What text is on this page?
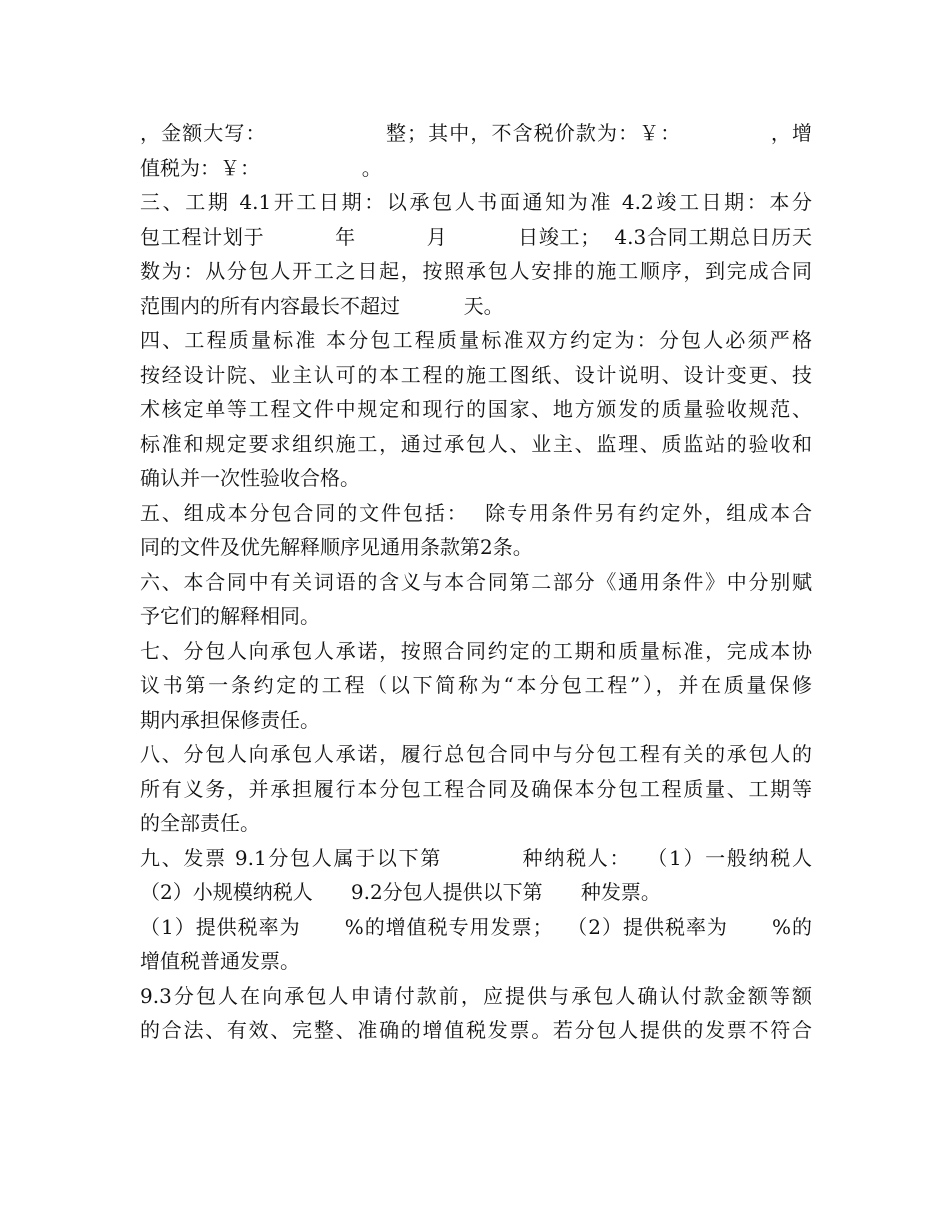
，金额大写：                整；其中，不含税价款为：￥：            ，增
值税为：￥：                。
三、工期 4.1开工日期：以承包人书面通知为准 4.2竣工日期：本分
包工程计划于          年          月          日竣工；  4.3合同工期总日历天
数为：从分包人开工之日起，按照承包人安排的施工顺序，到完成合同
范围内的所有内容最长不超过          天。
四、工程质量标准 本分包工程质量标准双方约定为：分包人必须严格
按经设计院、业主认可的本工程的施工图纸、设计说明、设计变更、技
术核定单等工程文件中规定和现行的国家、地方颁发的质量验收规范、
标准和规定要求组织施工，通过承包人、业主、监理、质监站的验收和
确认并一次性验收合格。
五、组成本分包合同的文件包括：  除专用条件另有约定外，组成本合
同的文件及优先解释顺序见通用条款第2条。
六、本合同中有关词语的含义与本合同第二部分《通用条件》中分别赋
予它们的解释相同。
七、分包人向承包人承诺，按照合同约定的工期和质量标准，完成本协
议书第一条约定的工程（以下简称为“本分包工程”），并在质量保修
期内承担保修责任。
八、分包人向承包人承诺，履行总包合同中与分包工程有关的承包人的
所有义务，并承担履行本分包工程合同及确保本分包工程质量、工期等
的全部责任。
九、发票 9.1分包人属于以下第          种纳税人：  （1）一般纳税人
（2）小规模纳税人      9.2分包人提供以下第      种发票。
（1）提供税率为      %的增值税专用发票；  （2）提供税率为      %的
增值税普通发票。
9.3分包人在向承包人申请付款前，应提供与承包人确认付款金额等额
的合法、有效、完整、准确的增值税发票。若分包人提供的发票不符合
